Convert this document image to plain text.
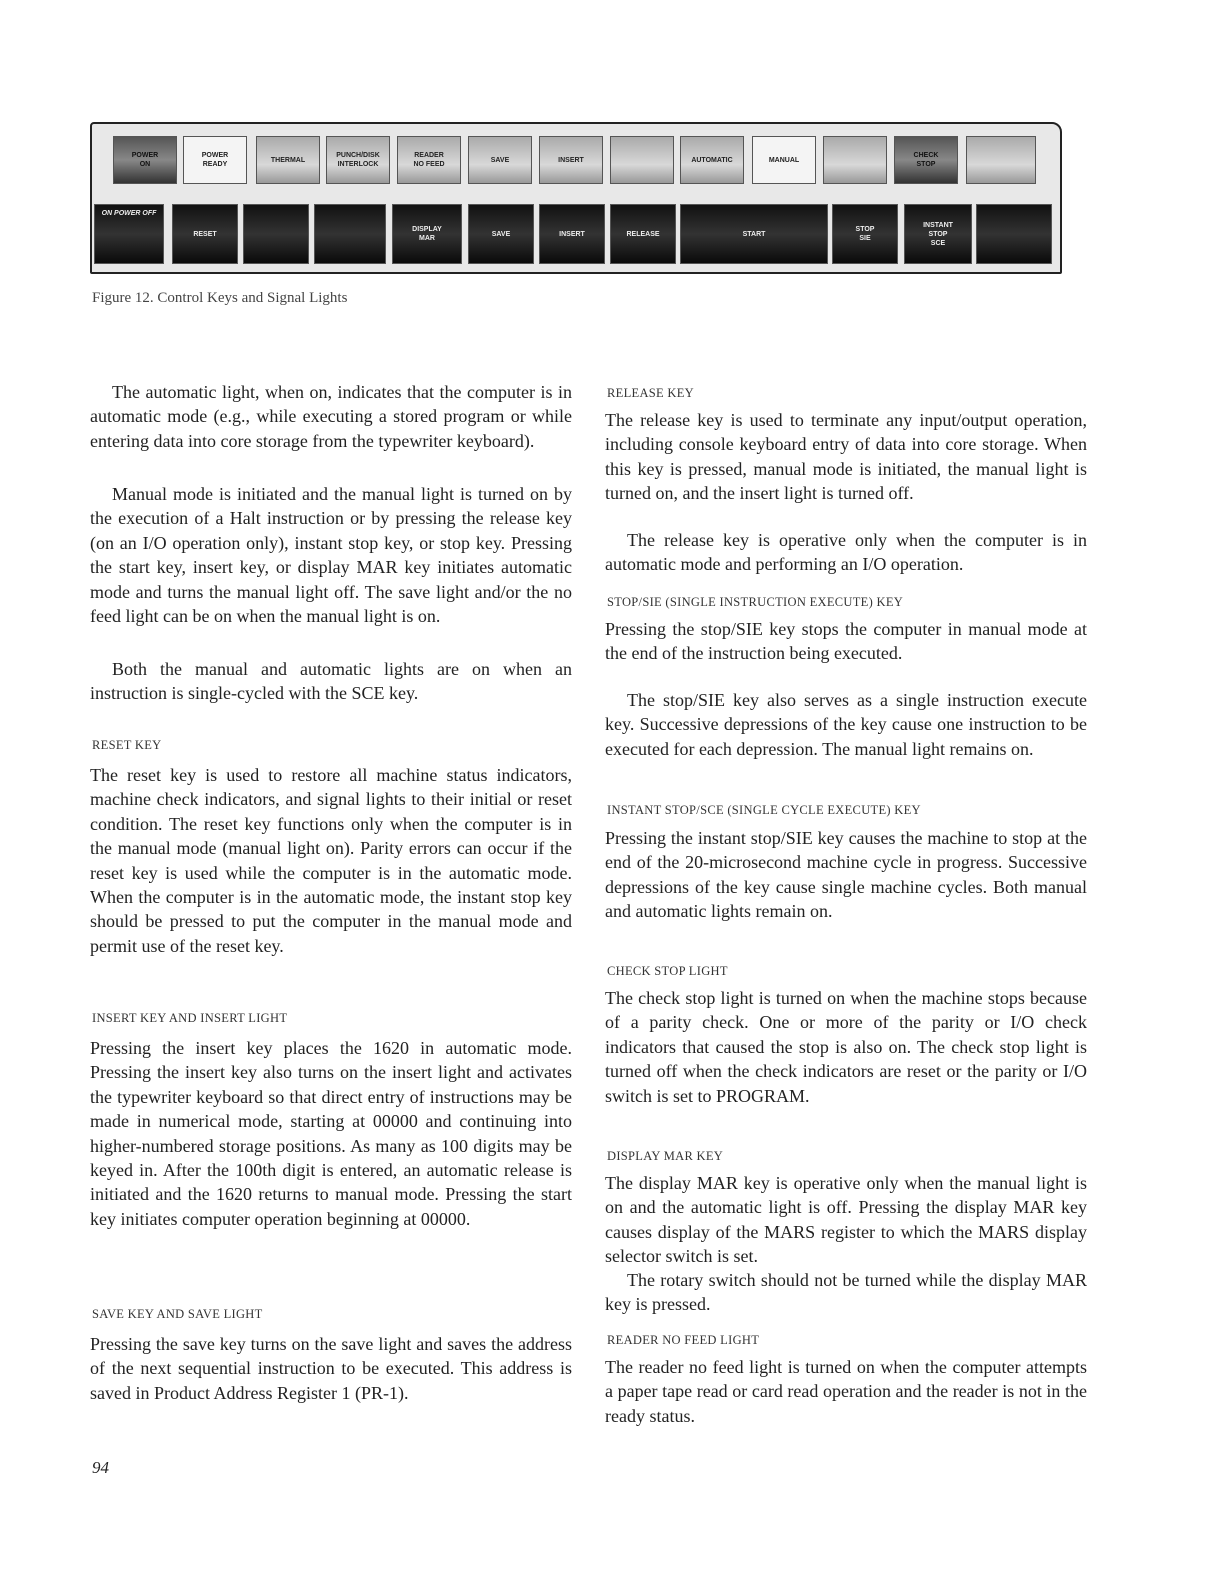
POWER
ON
POWER
READY
THERMAL
PUNCH/DISK
INTERLOCK
READER
NO FEED
SAVE	INSERT	AUTOMATIC	MANUAL
CHECK
STOP
ON POWER OFF
RESET
DISPLAY
MAR
SAVE	INSERT	RELEASE	START
STOP
SIE
INSTANT
STOP
SCE
Figure 12. Control Keys and Signal Lights
The automatic light, when on, indicates that the computer is in automatic mode (e.g., while executing a stored program or while entering data into core storage from the typewriter keyboard).
Manual mode is initiated and the manual light is turned on by the execution of a Halt instruction or by pressing the release key (on an I/O operation only), instant stop key, or stop key. Pressing the start key, insert key, or display MAR key initiates automatic mode and turns the manual light off. The save light and/or the no feed light can be on when the manual light is on.
Both the manual and automatic lights are on when an instruction is single-cycled with the SCE key.
RESET KEY
The reset key is used to restore all machine status indicators, machine check indicators, and signal lights to their initial or reset condition. The reset key functions only when the computer is in the manual mode (manual light on). Parity errors can occur if the reset key is used while the computer is in the automatic mode. When the computer is in the automatic mode, the instant stop key should be pressed to put the computer in the manual mode and permit use of the reset key.
INSERT KEY AND INSERT LIGHT
Pressing the insert key places the 1620 in automatic mode. Pressing the insert key also turns on the insert light and activates the typewriter keyboard so that direct entry of instructions may be made in numerical mode, starting at 00000 and continuing into higher-numbered storage positions. As many as 100 digits may be keyed in. After the 100th digit is entered, an automatic release is initiated and the 1620 returns to manual mode. Pressing the start key initiates computer operation beginning at 00000.
SAVE KEY AND SAVE LIGHT
Pressing the save key turns on the save light and saves the address of the next sequential instruction to be executed. This address is saved in Product Address Register 1 (PR-1).
RELEASE KEY
The release key is used to terminate any input/output operation, including console keyboard entry of data into core storage. When this key is pressed, manual mode is initiated, the manual light is turned on, and the insert light is turned off.
The release key is operative only when the computer is in automatic mode and performing an I/O operation.
STOP/SIE (SINGLE INSTRUCTION EXECUTE) KEY
Pressing the stop/SIE key stops the computer in manual mode at the end of the instruction being executed.
The stop/SIE key also serves as a single instruction execute key. Successive depressions of the key cause one instruction to be executed for each depression. The manual light remains on.
INSTANT STOP/SCE (SINGLE CYCLE EXECUTE) KEY
Pressing the instant stop/SIE key causes the machine to stop at the end of the 20-microsecond machine cycle in progress. Successive depressions of the key cause single machine cycles. Both manual and automatic lights remain on.
CHECK STOP LIGHT
The check stop light is turned on when the machine stops because of a parity check. One or more of the parity or I/O check indicators that caused the stop is also on. The check stop light is turned off when the check indicators are reset or the parity or I/O switch is set to PROGRAM.
DISPLAY MAR KEY
The display MAR key is operative only when the manual light is on and the automatic light is off. Pressing the display MAR key causes display of the MARS register to which the MARS display selector switch is set.
The rotary switch should not be turned while the display MAR key is pressed.
READER NO FEED LIGHT
The reader no feed light is turned on when the computer attempts a paper tape read or card read operation and the reader is not in the ready status.
94
